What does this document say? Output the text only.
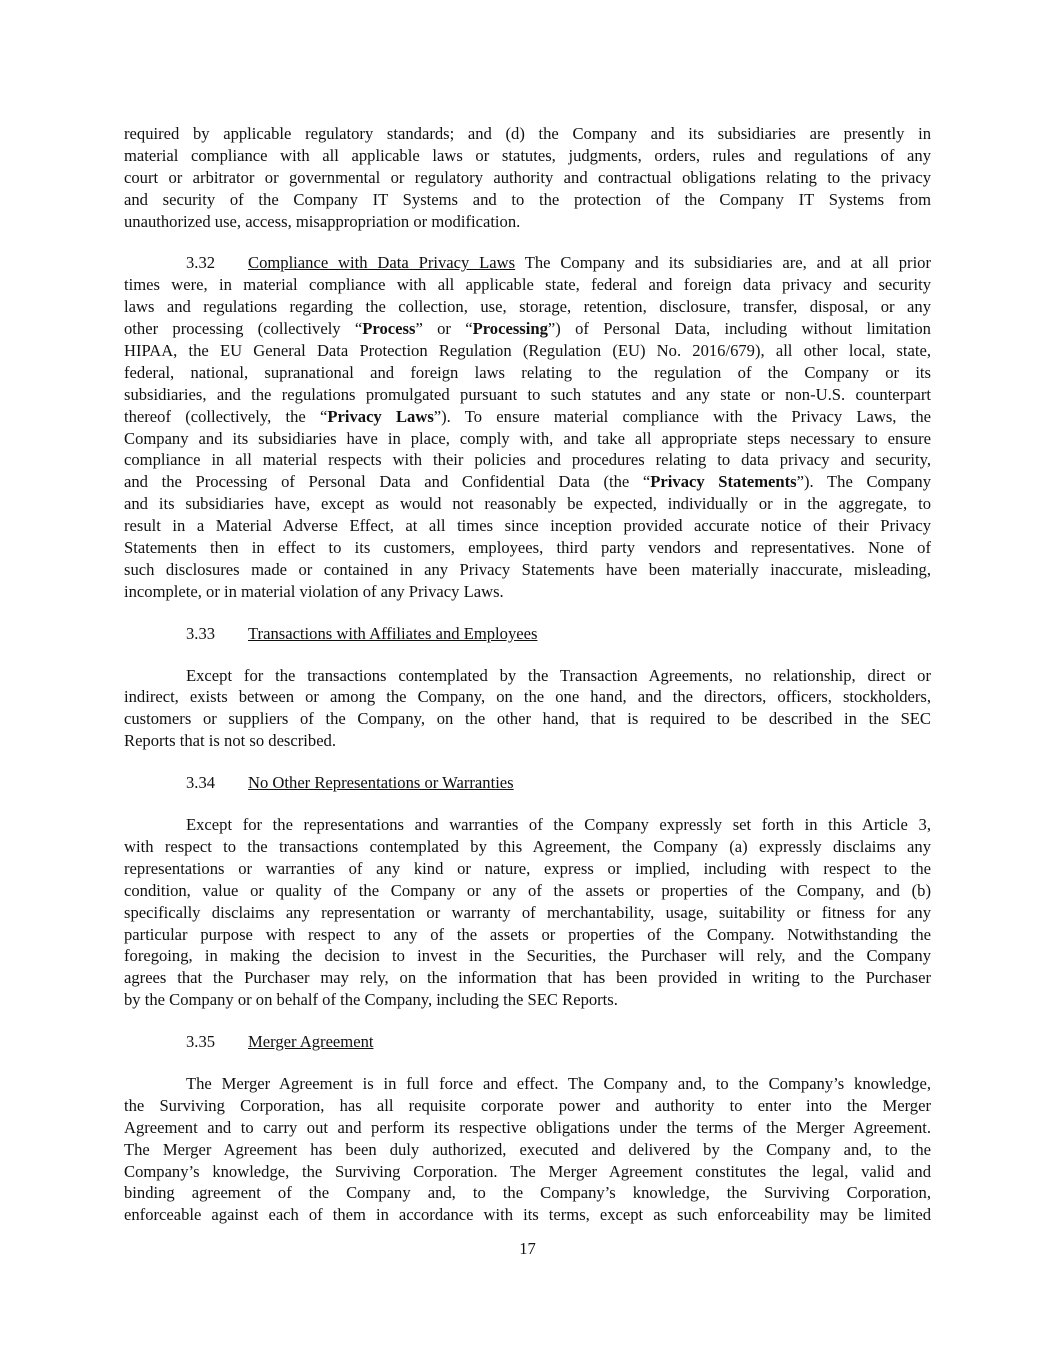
required by applicable regulatory standards; and (d) the Company and its subsidiaries are presently in
material compliance with all applicable laws or statutes, judgments, orders, rules and regulations of any
court or arbitrator or governmental or regulatory authority and contractual obligations relating to the privacy
and security of the Company IT Systems and to the protection of the Company IT Systems from
unauthorized use, access, misappropriation or modification.
3.32 Compliance with Data Privacy Laws The Company and its subsidiaries are, and at all prior
times were, in material compliance with all applicable state, federal and foreign data privacy and security
laws and regulations regarding the collection, use, storage, retention, disclosure, transfer, disposal, or any
other processing (collectively “Process” or “Processing”) of Personal Data, including without limitation
HIPAA, the EU General Data Protection Regulation (Regulation (EU) No. 2016/679), all other local, state,
federal, national, supranational and foreign laws relating to the regulation of the Company or its
subsidiaries, and the regulations promulgated pursuant to such statutes and any state or non-U.S. counterpart
thereof (collectively, the “Privacy Laws”). To ensure material compliance with the Privacy Laws, the
Company and its subsidiaries have in place, comply with, and take all appropriate steps necessary to ensure
compliance in all material respects with their policies and procedures relating to data privacy and security,
and the Processing of Personal Data and Confidential Data (the “Privacy Statements”). The Company
and its subsidiaries have, except as would not reasonably be expected, individually or in the aggregate, to
result in a Material Adverse Effect, at all times since inception provided accurate notice of their Privacy
Statements then in effect to its customers, employees, third party vendors and representatives. None of
such disclosures made or contained in any Privacy Statements have been materially inaccurate, misleading,
incomplete, or in material violation of any Privacy Laws.
3.33 Transactions with Affiliates and Employees
Except for the transactions contemplated by the Transaction Agreements, no relationship, direct or
indirect, exists between or among the Company, on the one hand, and the directors, officers, stockholders,
customers or suppliers of the Company, on the other hand, that is required to be described in the SEC
Reports that is not so described.
3.34 No Other Representations or Warranties
Except for the representations and warranties of the Company expressly set forth in this Article 3,
with respect to the transactions contemplated by this Agreement, the Company (a) expressly disclaims any
representations or warranties of any kind or nature, express or implied, including with respect to the
condition, value or quality of the Company or any of the assets or properties of the Company, and (b)
specifically disclaims any representation or warranty of merchantability, usage, suitability or fitness for any
particular purpose with respect to any of the assets or properties of the Company. Notwithstanding the
foregoing, in making the decision to invest in the Securities, the Purchaser will rely, and the Company
agrees that the Purchaser may rely, on the information that has been provided in writing to the Purchaser
by the Company or on behalf of the Company, including the SEC Reports.
3.35 Merger Agreement
The Merger Agreement is in full force and effect. The Company and, to the Company’s knowledge,
the Surviving Corporation, has all requisite corporate power and authority to enter into the Merger
Agreement and to carry out and perform its respective obligations under the terms of the Merger Agreement.
The Merger Agreement has been duly authorized, executed and delivered by the Company and, to the
Company’s knowledge, the Surviving Corporation. The Merger Agreement constitutes the legal, valid and
binding agreement of the Company and, to the Company’s knowledge, the Surviving Corporation,
enforceable against each of them in accordance with its terms, except as such enforceability may be limited
17
